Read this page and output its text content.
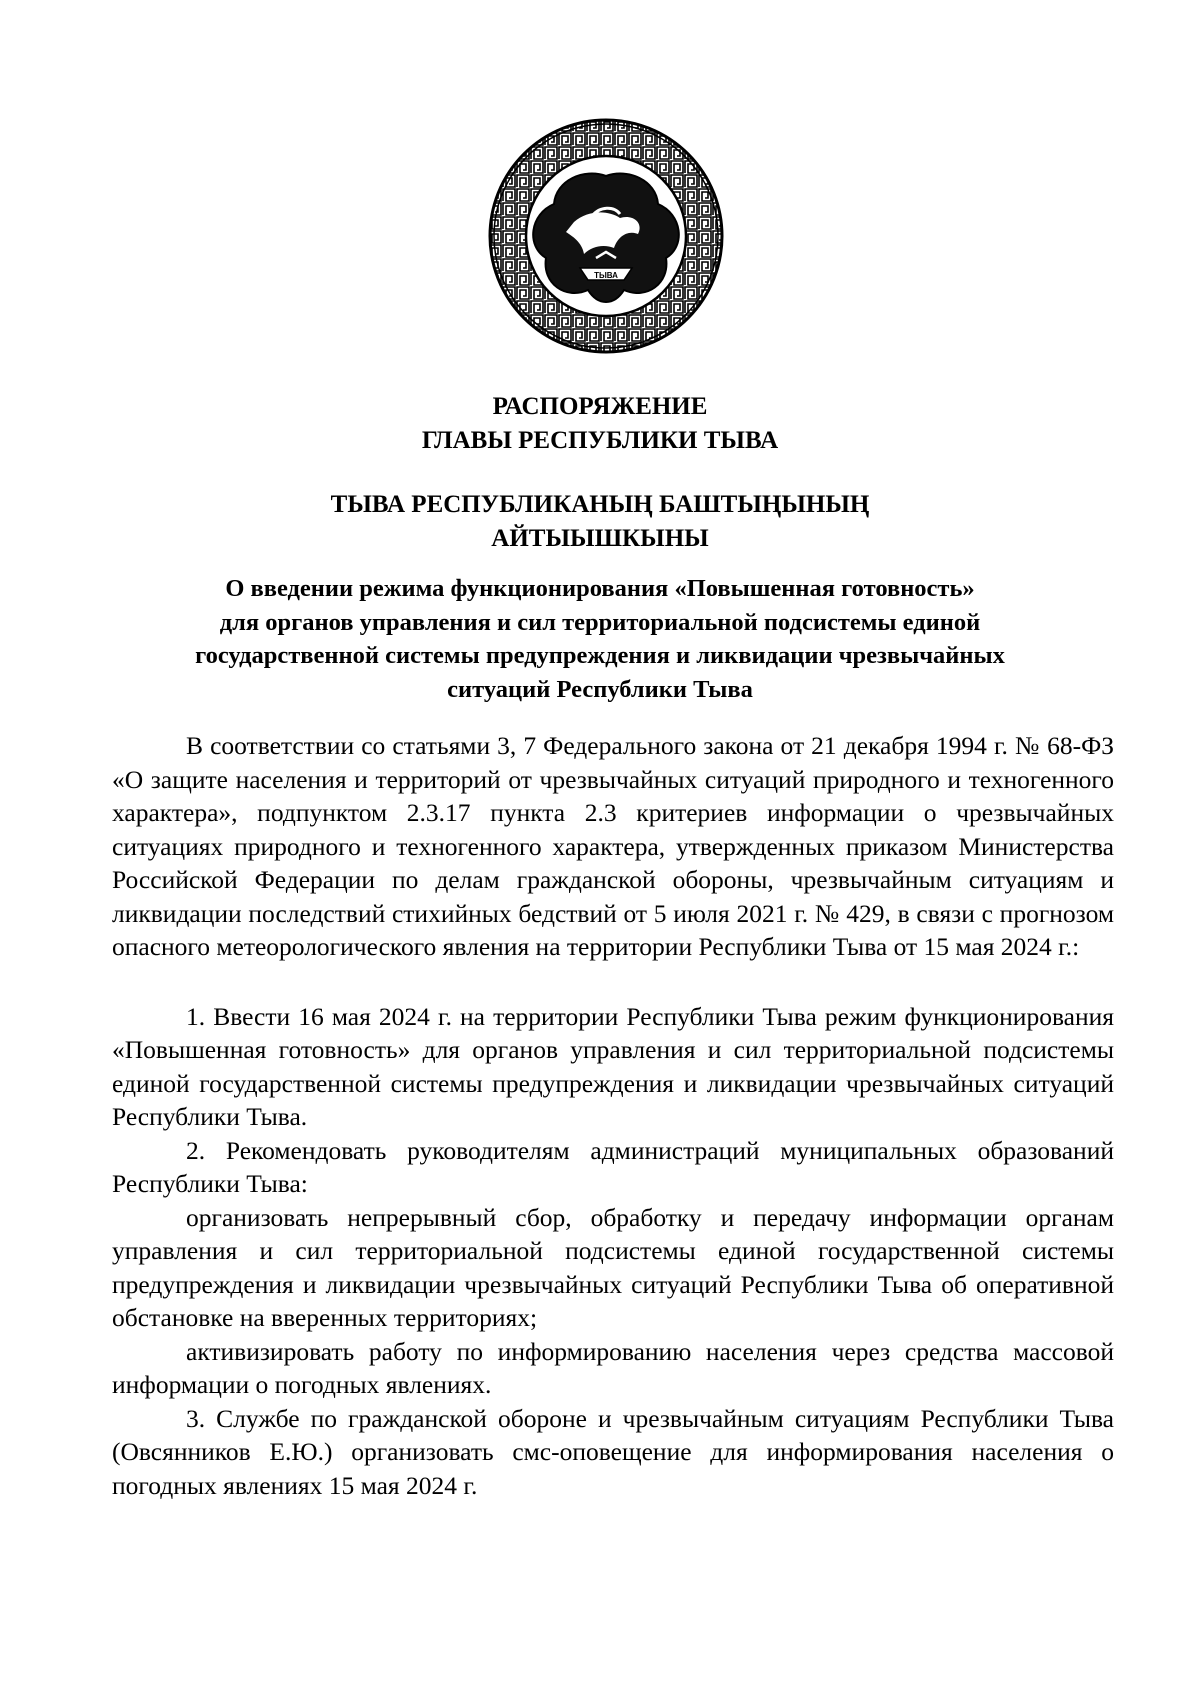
ТЫВА
РАСПОРЯЖЕНИЕ
ГЛАВЫ РЕСПУБЛИКИ ТЫВА
ТЫВА РЕСПУБЛИКАНЫҢ БАШТЫҢЫНЫҢ
АЙТЫЫШКЫНЫ
О введении режима функционирования «Повышенная готовность»
для органов управления и сил территориальной подсистемы единой
государственной системы предупреждения и ликвидации чрезвычайных
ситуаций Республики Тыва

В соответствии со статьями 3, 7 Федерального закона от 21 декабря 1994 г. № 68-ФЗ «О защите населения и территорий от чрезвычайных ситуаций природного и техногенного характера», подпунктом 2.3.17 пункта 2.3 критериев информации о чрезвычайных ситуациях природного и техногенного характера, утвержденных приказом Министерства Российской Федерации по делам гражданской обороны, чрезвычайным ситуациям и ликвидации последствий стихийных бедствий от 5 июля 2021 г. № 429, в связи с прогнозом опасного метеорологического явления на территории Республики Тыва от 15 мая 2024 г.:

1. Ввести 16 мая 2024 г. на территории Республики Тыва режим функционирования «Повышенная готовность» для органов управления и сил территориальной подсистемы единой государственной системы предупреждения и ликвидации чрезвычайных ситуаций Республики Тыва.

2. Рекомендовать руководителям администраций муниципальных образований Республики Тыва:

организовать непрерывный сбор, обработку и передачу информации органам управления и сил территориальной подсистемы единой государственной системы предупреждения и ликвидации чрезвычайных ситуаций Республики Тыва об оперативной обстановке на вверенных территориях;

активизировать работу по информированию населения через средства массовой информации о погодных явлениях.

3. Службе по гражданской обороне и чрезвычайным ситуациям Республики Тыва (Овсянников Е.Ю.) организовать смс-оповещение для информирования населения о погодных явлениях 15 мая 2024 г.
